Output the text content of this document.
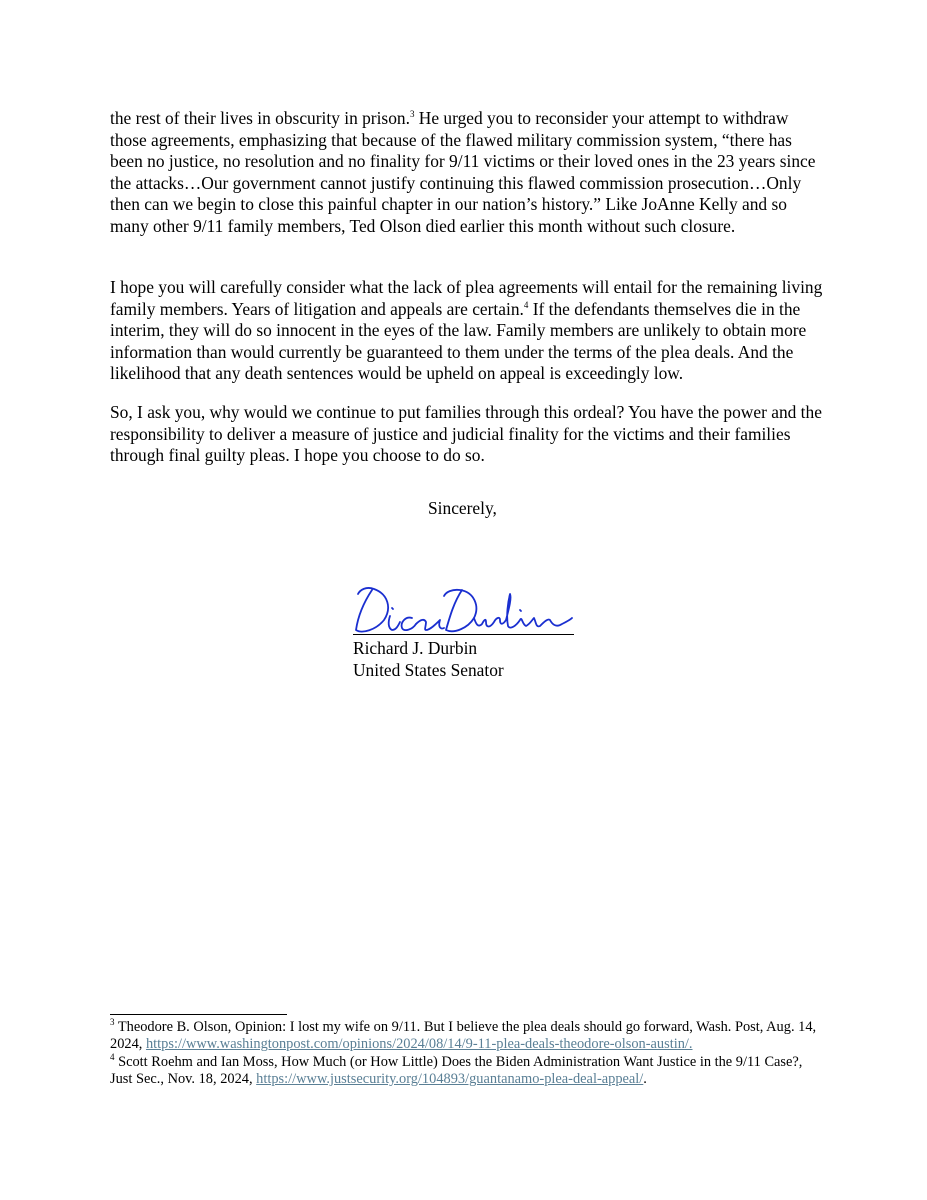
the rest of their lives in obscurity in prison.$^3$ He urged you to reconsider your attempt to withdraw those agreements, emphasizing that because of the flawed military commission system, “there has been no justice, no resolution and no finality for 9/11 victims or their loved ones in the 23 years since the attacks…Our government cannot justify continuing this flawed commission prosecution…Only then can we begin to close this painful chapter in our nation’s history.” Like JoAnne Kelly and so many other 9/11 family members, Ted Olson died earlier this month without such closure.

I hope you will carefully consider what the lack of plea agreements will entail for the remaining living family members. Years of litigation and appeals are certain.$^4$ If the defendants themselves die in the interim, they will do so innocent in the eyes of the law. Family members are unlikely to obtain more information than would currently be guaranteed to them under the terms of the plea deals. And the likelihood that any death sentences would be upheld on appeal is exceedingly low.

So, I ask you, why would we continue to put families through this ordeal? You have the power and the responsibility to deliver a measure of justice and judicial finality for the victims and their families through final guilty pleas. I hope you choose to do so.

Sincerely,
Richard J. Durbin
United States Senator

$^3$ Theodore B. Olson, Opinion: I lost my wife on 9/11. But I believe the plea deals should go forward, Wash. Post, Aug. 14, 2024, https://www.washingtonpost.com/opinions/2024/08/14/9-11-plea-deals-theodore-olson-austin/.

$^4$ Scott Roehm and Ian Moss, How Much (or How Little) Does the Biden Administration Want Justice in the 9/11 Case?, Just Sec., Nov. 18, 2024, https://www.justsecurity.org/104893/guantanamo-plea-deal-appeal/.
